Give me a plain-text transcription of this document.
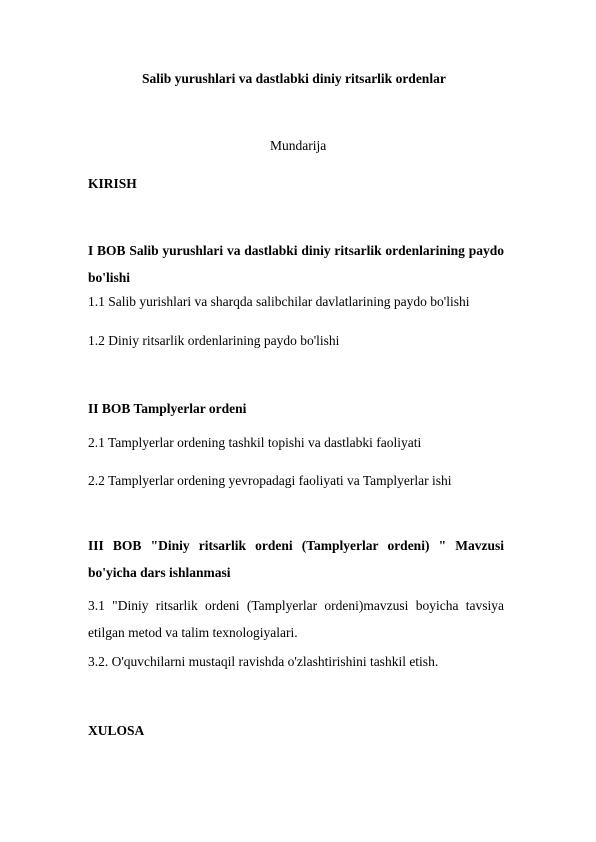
Salib yurushlari va dastlabki diniy ritsarlik ordenlar
Mundarija
KIRISH
I BOB Salib yurushlari va dastlabki diniy ritsarlik ordenlarining paydo bo'lishi
1.1 Salib yurishlari va sharqda salibchilar davlatlarining paydo bo'lishi
1.2 Diniy ritsarlik ordenlarining paydo bo'lishi
II BOB Tamplyerlar ordeni
2.1 Tamplyerlar ordening tashkil topishi va dastlabki faoliyati
2.2 Tamplyerlar ordening yevropadagi faoliyati va Tamplyerlar ishi
III BOB "Diniy ritsarlik ordeni (Tamplyerlar ordeni) " Mavzusi bo'yicha dars ishlanmasi
3.1 "Diniy ritsarlik ordeni (Tamplyerlar ordeni)mavzusi boyicha tavsiya etilgan metod va talim texnologiyalari.
3.2. O'quvchilarni mustaqil ravishda o'zlashtirishini tashkil etish.
XULOSA
